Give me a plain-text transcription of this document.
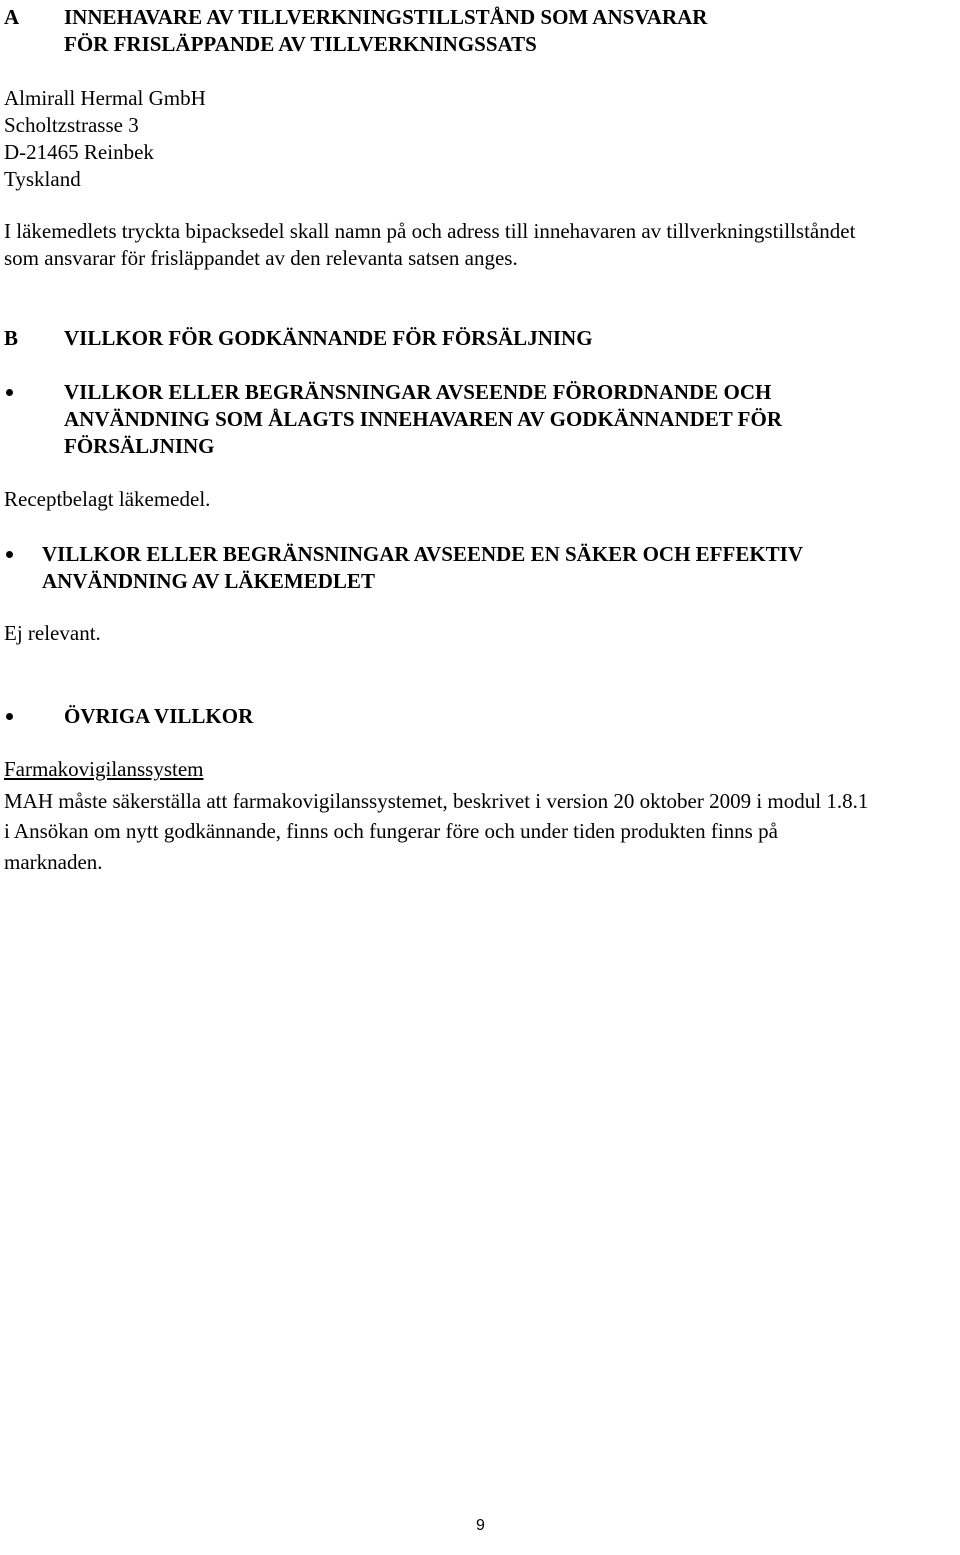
A INNEHAVARE AV TILLVERKNINGSTILLSTÅND SOM ANSVARAR

FÖR FRISLÄPPANDE AV TILLVERKNINGSSATS

Almirall Hermal GmbH

Scholtzstrasse 3

D-21465 Reinbek

Tyskland

I läkemedlets tryckta bipacksedel skall namn på och adress till innehavaren av tillverkningstillståndet

som ansvarar för frisläppandet av den relevanta satsen anges.

B VILLKOR FÖR GODKÄNNANDE FÖR FÖRSÄLJNING

VILLKOR ELLER BEGRÄNSNINGAR AVSEENDE FÖRORDNANDE OCH

ANVÄNDNING SOM ÅLAGTS INNEHAVAREN AV GODKÄNNANDET FÖR

FÖRSÄLJNING

Receptbelagt läkemedel.

VILLKOR ELLER BEGRÄNSNINGAR AVSEENDE EN SÄKER OCH EFFEKTIV

ANVÄNDNING AV LÄKEMEDLET

Ej relevant.

ÖVRIGA VILLKOR

Farmakovigilanssystem

MAH måste säkerställa att farmakovigilanssystemet, beskrivet i version 20 oktober 2009 i modul 1.8.1

i Ansökan om nytt godkännande, finns och fungerar före och under tiden produkten finns på

marknaden.

9
